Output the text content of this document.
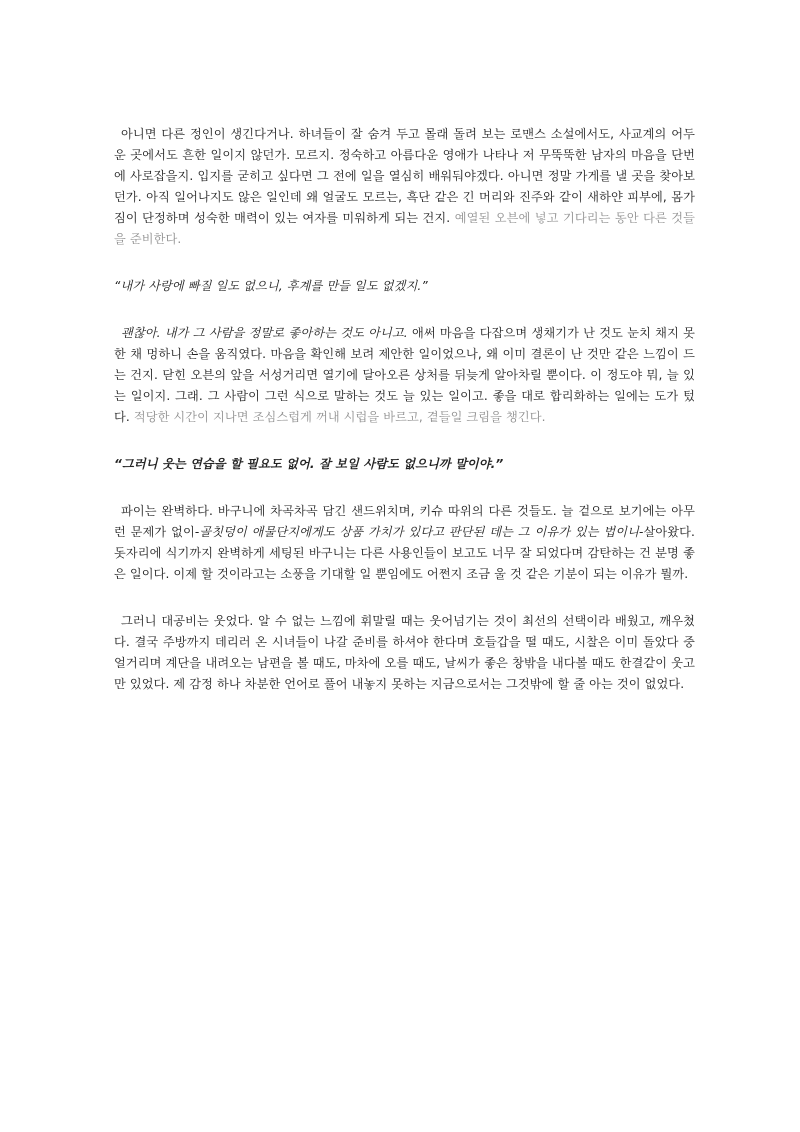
아니면 다른 정인이 생긴다거나. 하녀들이 잘 숨겨 두고 몰래 돌려 보는 로맨스 소설에서도, 사교계의 어두운 곳에서도 흔한 일이지 않던가. 모르지. 정숙하고 아름다운 영애가 나타나 저 무뚝뚝한 남자의 마음을 단번에 사로잡을지. 입지를 굳히고 싶다면 그 전에 일을 열심히 배워둬야겠다. 아니면 정말 가게를 낼 곳을 찾아보던가. 아직 일어나지도 않은 일인데 왜 얼굴도 모르는, 흑단 같은 긴 머리와 진주와 같이 새하얀 피부에, 몸가짐이 단정하며 성숙한 매력이 있는 여자를 미워하게 되는 건지. 예열된 오븐에 넣고 기다리는 동안 다른 것들을 준비한다.

“내가 사랑에 빠질 일도 없으니, 후계를 만들 일도 없겠지.”

괜찮아. 내가 그 사람을 정말로 좋아하는 것도 아니고. 애써 마음을 다잡으며 생채기가 난 것도 눈치 채지 못한 채 멍하니 손을 움직였다. 마음을 확인해 보려 제안한 일이었으나, 왜 이미 결론이 난 것만 같은 느낌이 드는 건지. 닫힌 오븐의 앞을 서성거리면 열기에 달아오른 상처를 뒤늦게 알아차릴 뿐이다. 이 정도야 뭐, 늘 있는 일이지. 그래. 그 사람이 그런 식으로 말하는 것도 늘 있는 일이고. 좋을 대로 합리화하는 일에는 도가 텄다. 적당한 시간이 지나면 조심스럽게 꺼내 시럽을 바르고, 곁들일 크림을 챙긴다.

“그러니 웃는 연습을 할 필요도 없어. 잘 보일 사람도 없으니까 말이야.”

파이는 완벽하다. 바구니에 차곡차곡 담긴 샌드위치며, 키슈 따위의 다른 것들도. 늘 겉으로 보기에는 아무런 문제가 없이-골칫덩이 애물단지에게도 상품 가치가 있다고 판단된 데는 그 이유가 있는 법이니-살아왔다. 돗자리에 식기까지 완벽하게 세팅된 바구니는 다른 사용인들이 보고도 너무 잘 되었다며 감탄하는 건 분명 좋은 일이다. 이제 할 것이라고는 소풍을 기대할 일 뿐임에도 어쩐지 조금 울 것 같은 기분이 되는 이유가 뭘까.

그러니 대공비는 웃었다. 알 수 없는 느낌에 휘말릴 때는 웃어넘기는 것이 최선의 선택이라 배웠고, 깨우쳤다. 결국 주방까지 데리러 온 시녀들이 나갈 준비를 하셔야 한다며 호들갑을 떨 때도, 시찰은 이미 돌았다 중얼거리며 계단을 내려오는 남편을 볼 때도, 마차에 오를 때도, 날씨가 좋은 창밖을 내다볼 때도 한결같이 웃고만 있었다. 제 감정 하나 차분한 언어로 풀어 내놓지 못하는 지금으로서는 그것밖에 할 줄 아는 것이 없었다.
